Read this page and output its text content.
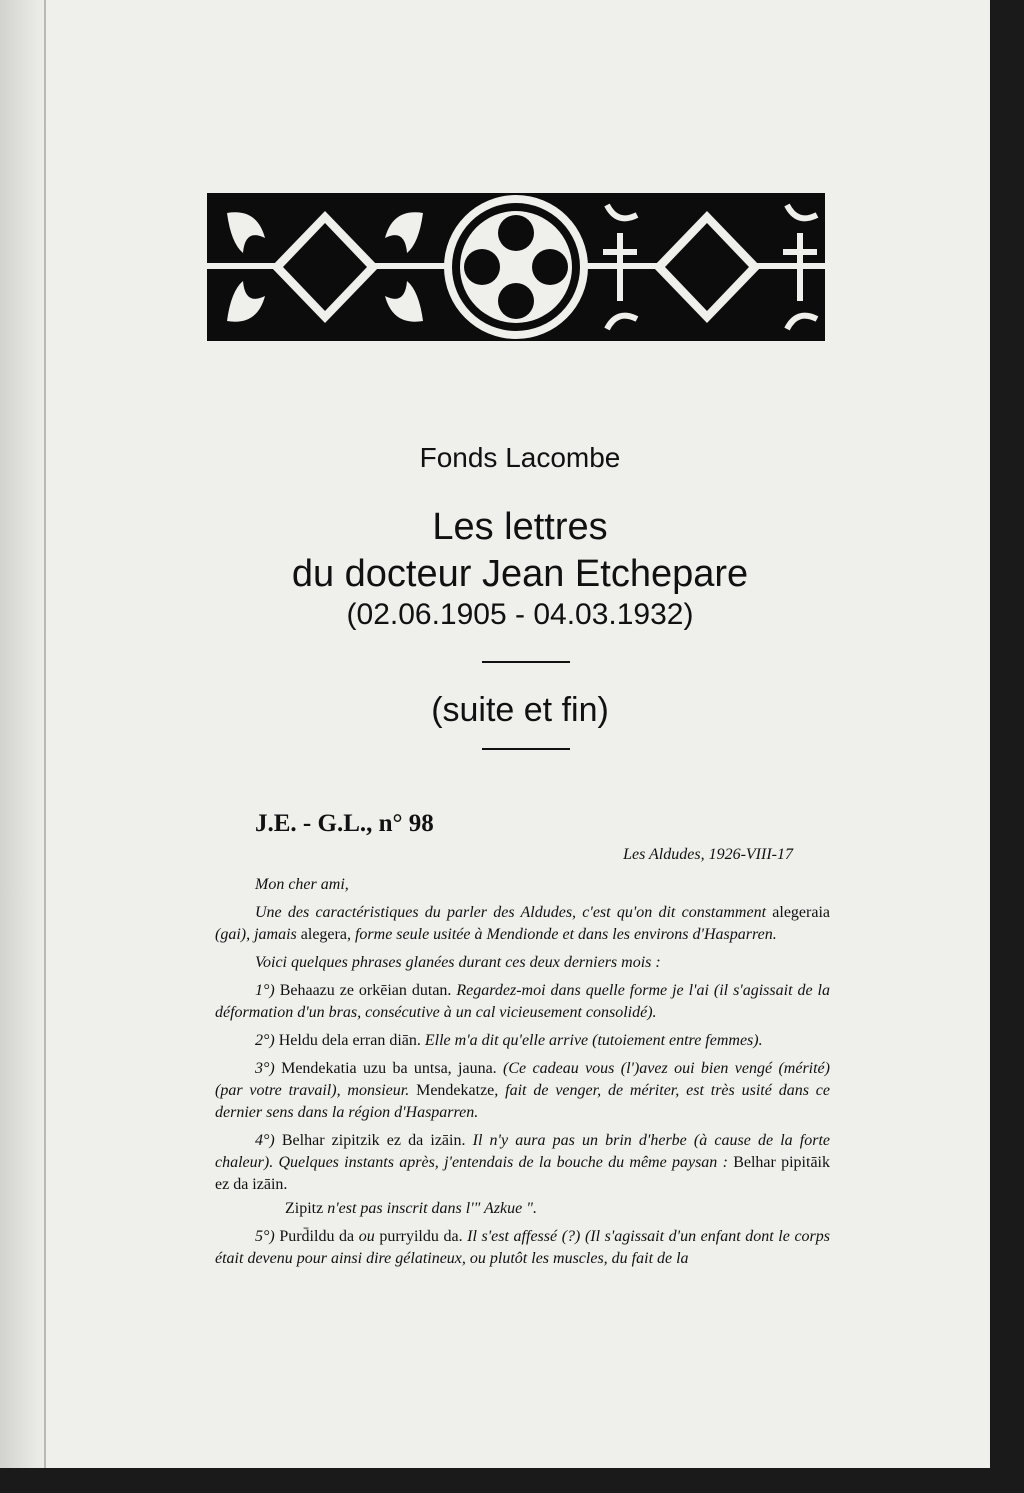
Fonds Lacombe
Les lettres
du docteur Jean Etchepare
(02.06.1905 - 04.03.1932)
(suite et fin)
J.E. - G.L., n° 98
Les Aldudes, 1926-VIII-17

Mon cher ami,

Une des caractéristiques du parler des Aldudes, c'est qu'on dit constamment alegeraia (gai), jamais alegera, forme seule usitée à Mendionde et dans les environs d'Hasparren.

Voici quelques phrases glanées durant ces deux derniers mois :

1°) Behaazu ze orkēian dutan. Regardez-moi dans quelle forme je l'ai (il s'agissait de la déformation d'un bras, consécutive à un cal vicieusement consolidé).

2°) Heldu dela erran diān. Elle m'a dit qu'elle arrive (tutoiement entre femmes).

3°) Mendekatia uzu ba untsa, jauna. (Ce cadeau vous (l')avez oui bien vengé (mérité) (par votre travail), monsieur. Mendekatze, fait de venger, de mériter, est très usité dans ce dernier sens dans la région d'Hasparren.

4°) Belhar zipitzik ez da izāin. Il n'y aura pas un brin d'herbe (à cause de la forte chaleur). Quelques instants après, j'entendais de la bouche du même paysan : Belhar pipitāik ez da izāin.

Zipitz n'est pas inscrit dans l'" Azkue ".

5°) Purd̄ildu da ou purryildu da. Il s'est affessé (?) (Il s'agissait d'un enfant dont le corps était devenu pour ainsi dire gélatineux, ou plutôt les muscles, du fait de la
